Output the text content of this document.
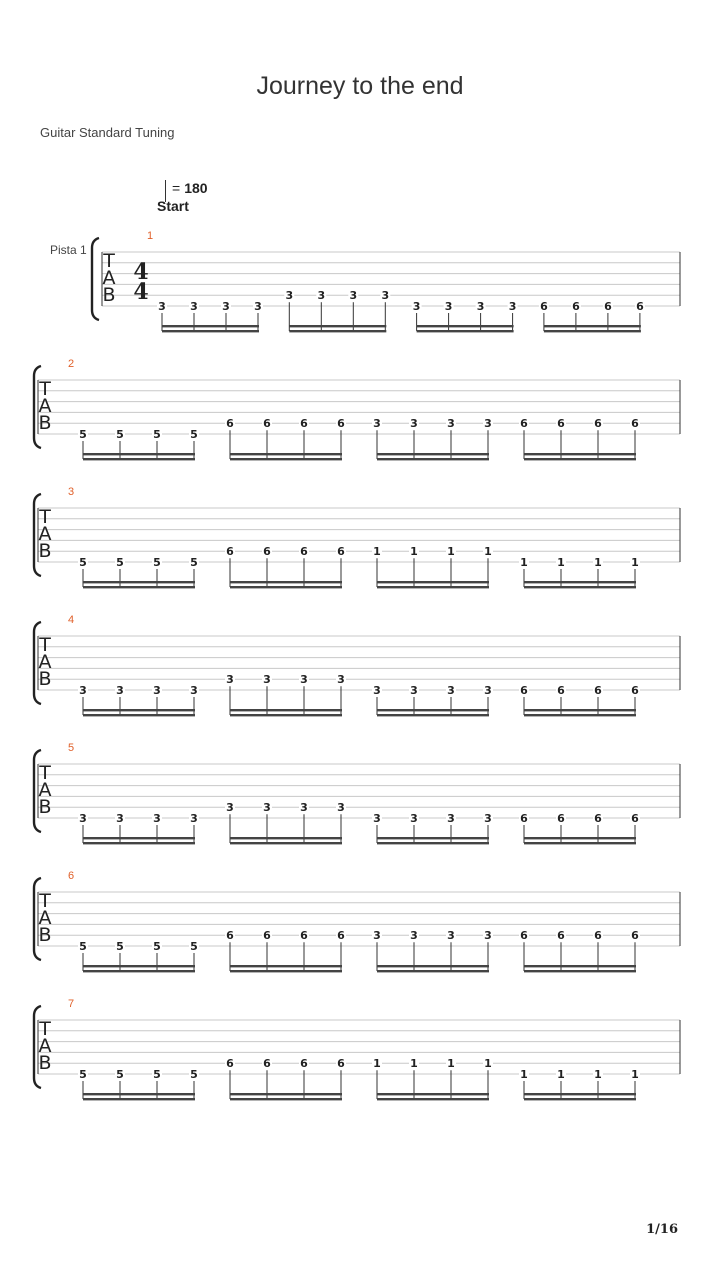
Journey to the end
Guitar Standard Tuning
= 180
Start
Pista 1 T
A
B
1
4
4
3 3 3 3
3 3 3 3
3 3 3 3 6 6 6 6
T
A
B
2
5	5	5	5
6	6	6	6	3	3	3	3	6	6	6	6
T
A
B
3
5	5	5	5
6	6	6	6	1	1	1	1
1	1	1	1
T
A
B
4
3	3	3	3
3	3	3	3
3	3	3	3	6	6	6	6
T
A
B
5
3	3	3	3
3	3	3	3
3	3	3	3	6	6	6	6
T
A
B
6
5	5	5	5
6	6	6	6	3	3	3	3	6	6	6	6
T
A
B
7
5	5	5	5
6	6	6	6	1	1	1	1
1	1	1	1
1/16
